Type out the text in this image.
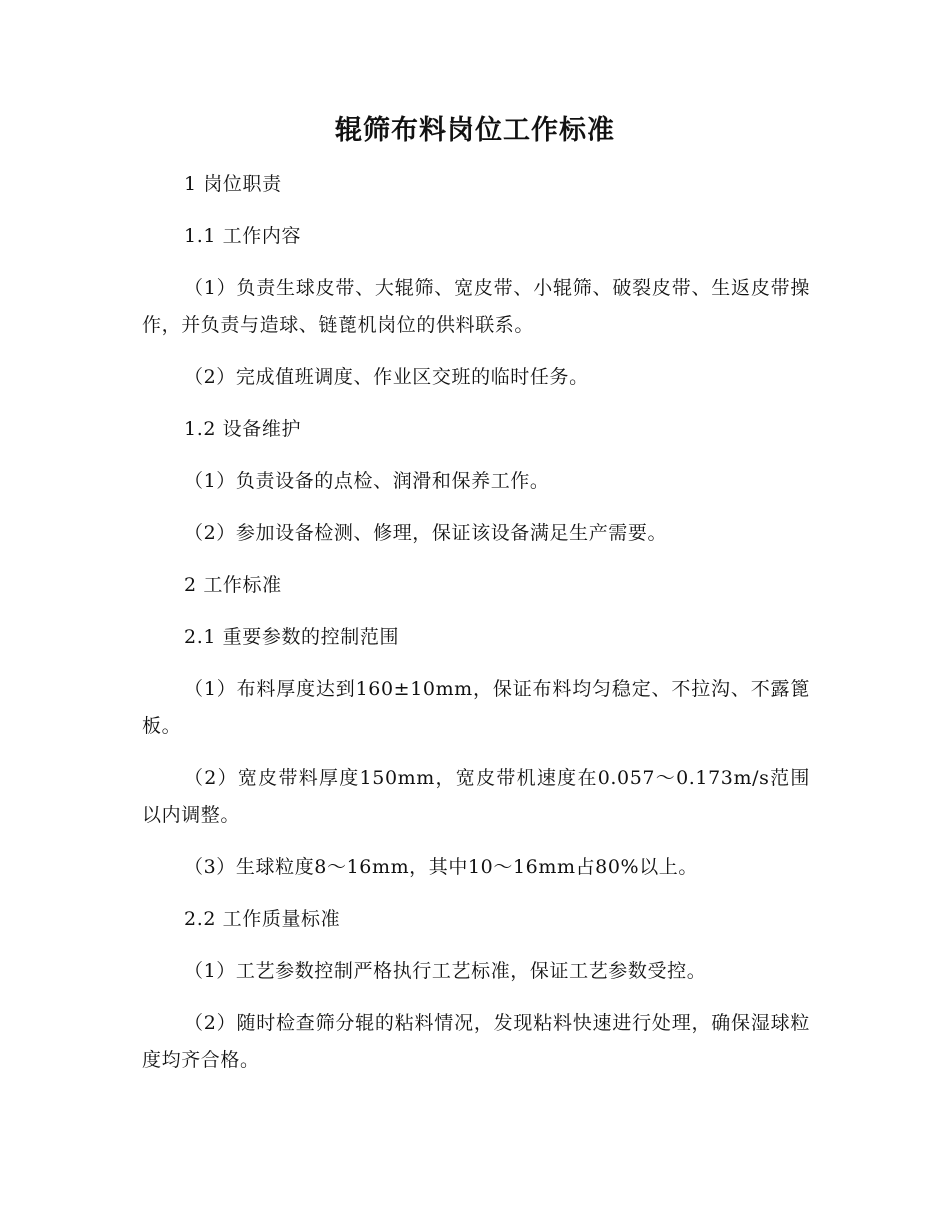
辊筛布料岗位工作标准

1 岗位职责

1.1 工作内容

（1）负责生球皮带、大辊筛、宽皮带、小辊筛、破裂皮带、生返皮带操作，并负责与造球、链蓖机岗位的供料联系。

（2）完成值班调度、作业区交班的临时任务。

1.2 设备维护

（1）负责设备的点检、润滑和保养工作。

（2）参加设备检测、修理，保证该设备满足生产需要。

2 工作标准

2.1 重要参数的控制范围

（1）布料厚度达到160±10mm，保证布料均匀稳定、不拉沟、不露篦板。

（2）宽皮带料厚度150mm，宽皮带机速度在0.057～0.173m/s范围以内调整。

（3）生球粒度8～16mm，其中10～16mm占80%以上。

2.2 工作质量标准

（1）工艺参数控制严格执行工艺标准，保证工艺参数受控。

（2）随时检查筛分辊的粘料情况，发现粘料快速进行处理，确保湿球粒度均齐合格。
